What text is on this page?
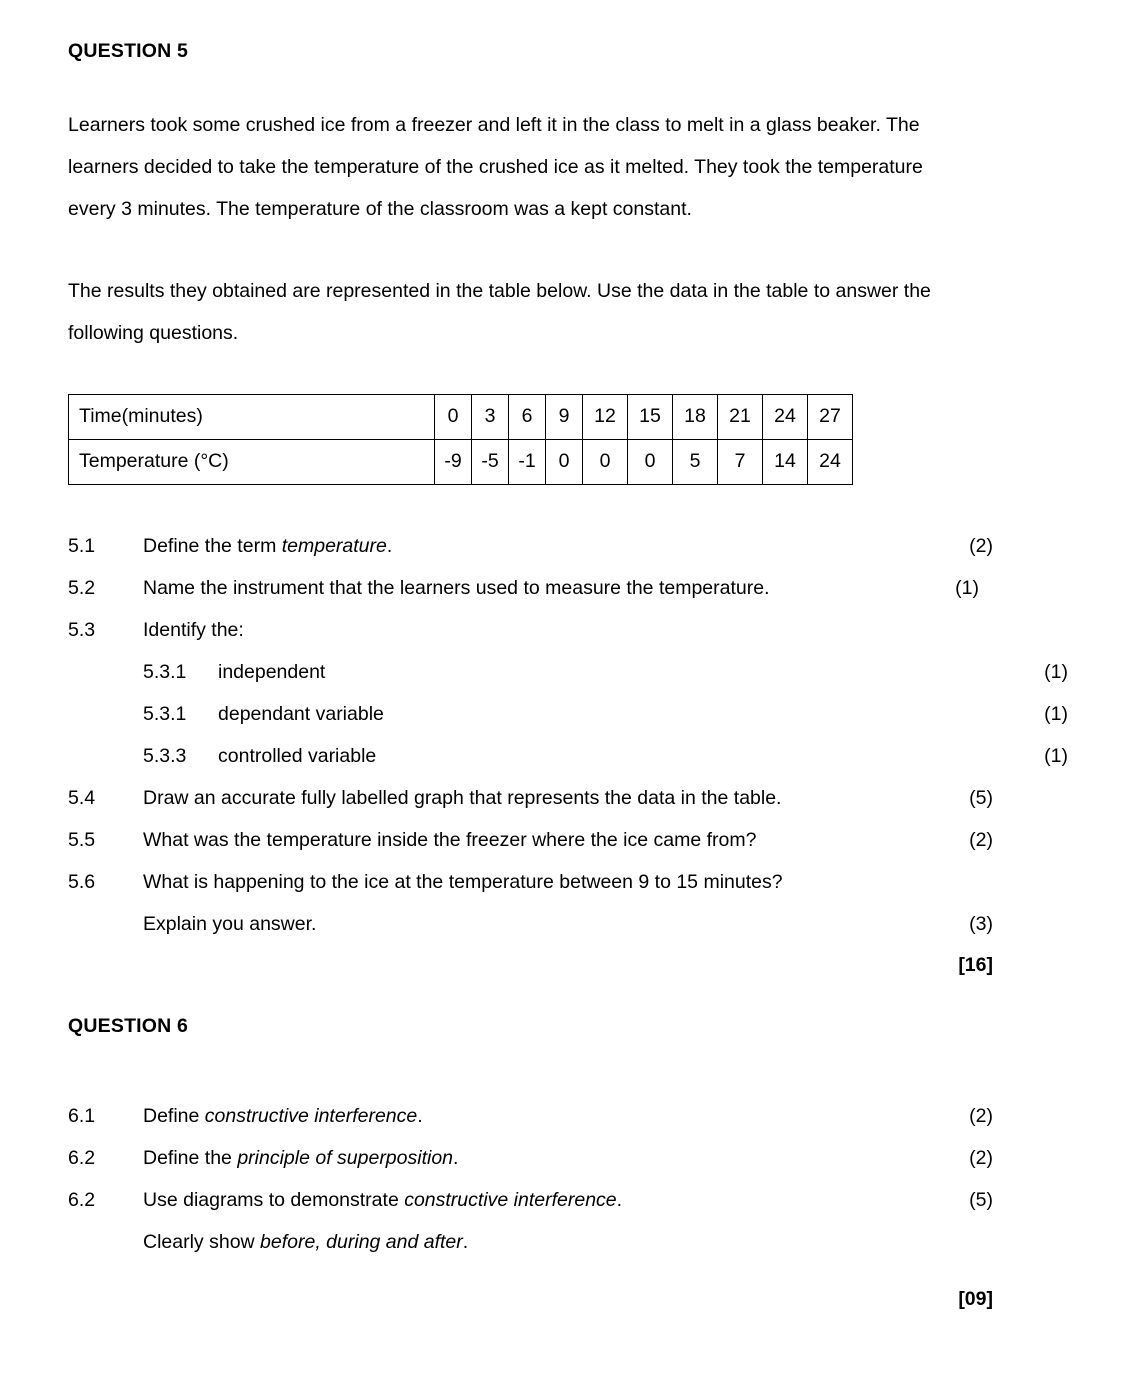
QUESTION 5

Learners took some crushed ice from a freezer and left it in the class to melt in a glass beaker. The learners decided to take the temperature of the crushed ice as it melted. They took the temperature every 3 minutes. The temperature of the classroom was a kept constant.

The results they obtained are represented in the table below. Use the data in the table to answer the following questions.

Time(minutes)	0	3	6	9	12	15	18	21	24	27
Temperature (°C)	-9	-5	-1	0	0	0	5	7	14	24
5.1	Define the term temperature.	(2)
5.2	Name the instrument that the learners used to measure the temperature.	(1)
5.3	Identify the:
5.3.1	independent	(1)
5.3.1	dependant variable	(1)
5.3.3	controlled variable	(1)
5.4	Draw an accurate fully labelled graph that represents the data in the table.	(5)
5.5	What was the temperature inside the freezer where the ice came from?	(2)
5.6	What is happening to the ice at the temperature between 9 to 15 minutes?
Explain you answer.	(3)
[16]
QUESTION 6
6.1	Define constructive interference.	(2)
6.2	Define the principle of superposition.	(2)
6.2	Use diagrams to demonstrate constructive interference.	(5)
Clearly show before, during and after.
[09]
